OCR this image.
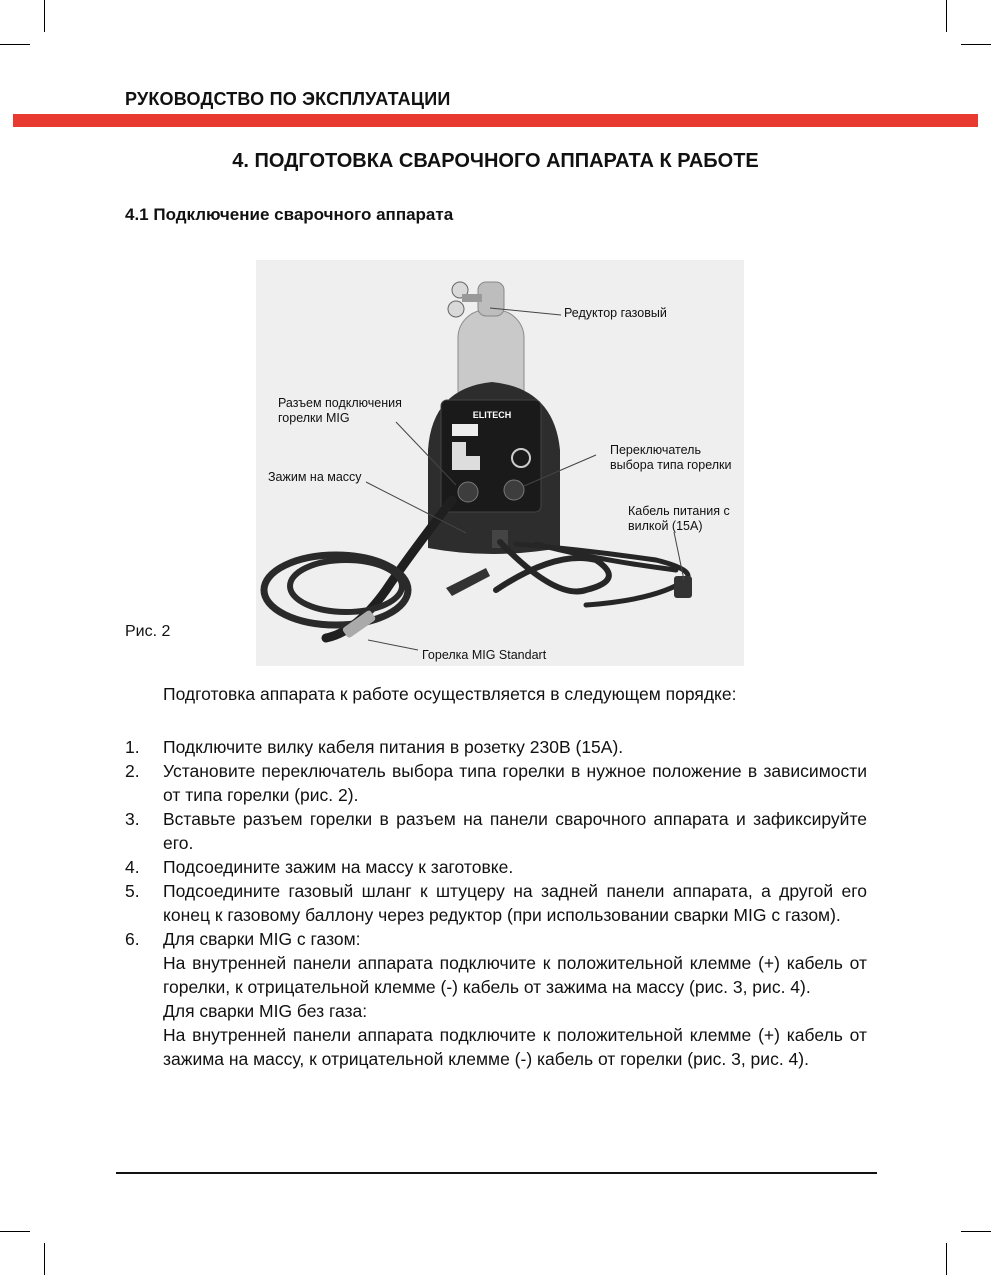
РУКОВОДСТВО ПО ЭКСПЛУАТАЦИИ
4. ПОДГОТОВКА СВАРОЧНОГО АППАРАТА К РАБОТЕ
4.1 Подключение сварочного аппарата
ELITECH
Редуктор газовый
Разъем подключения
горелки MIG
Переключатель
выбора типа горелки
Зажим на массу
Кабель питания с
вилкой (15А)
Горелка MIG Standart
Рис. 2
Подготовка аппарата к работе осуществляется в следующем порядке:
1.	Подключите вилку кабеля питания в розетку 230В (15А).

2.	Установите переключатель выбора типа горелки в нужное положение в зависимости от типа горелки (рис. 2).

3.	Вставьте разъем горелки в разъем на панели сварочного аппарата и зафиксируйте его.

4.	Подсоедините зажим на массу к заготовке.

5.	Подсоедините газовый шланг к штуцеру на задней панели аппарата, а другой его конец к газовому баллону через редуктор (при использовании сварки MIG с газом).

6.	Для сварки MIG с газом:

На внутренней панели аппарата подключите к положительной клемме (+) кабель от горелки, к отрицательной клемме (-) кабель от зажима на массу (рис. 3, рис. 4).

Для сварки MIG без газа:

На внутренней панели аппарата подключите к положительной клемме (+) кабель от зажима на массу, к отрицательной клемме (-) кабель от горелки (рис. 3, рис. 4).
